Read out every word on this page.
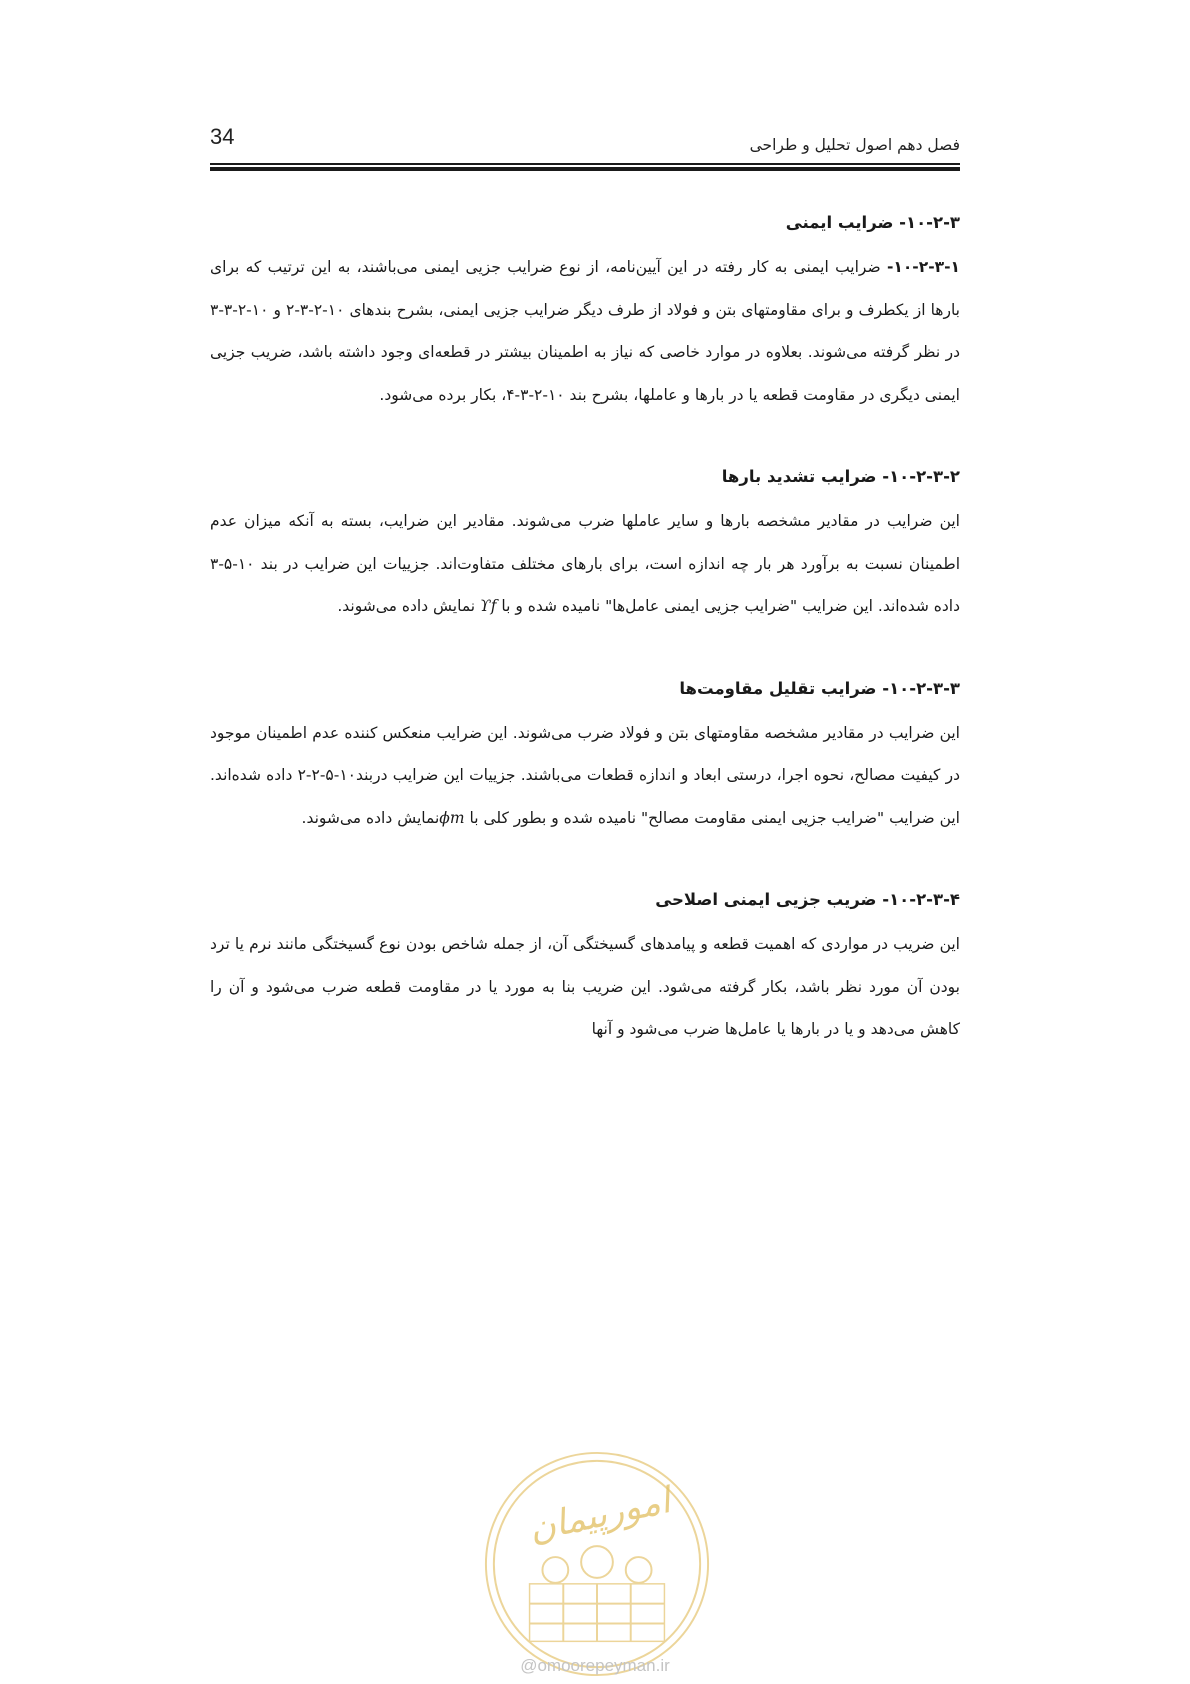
34	فصل دهم اصول تحلیل و طراحی
۱۰-۲-۳- ضرایب ایمنی

۱۰-۲-۳-۱- ضرایب ایمنی به کار رفته در این آیین‌نامه، از نوع ضرایب جزیی ایمنی می‌باشند، به این ترتیب که برای بارها از یکطرف و برای مقاومتهای بتن و فولاد از طرف دیگر ضرایب جزیی ایمنی، بشرح بندهای ۱۰-۲-۳-۲ و ۱۰-۲-۳-۳ در نظر گرفته می‌شوند. بعلاوه در موارد خاصی که نیاز به اطمینان بیشتر در قطعه‌ای وجود داشته باشد، ضریب جزیی ایمنی دیگری در مقاومت قطعه یا در بارها و عاملها، بشرح بند ۱۰-۲-۳-۴، بکار برده می‌شود.

۱۰-۲-۳-۲- ضرایب تشدید بارها

این ضرایب در مقادیر مشخصه بارها و سایر عاملها ضرب می‌شوند. مقادیر این ضرایب، بسته به آنکه میزان عدم اطمینان نسبت به برآورد هر بار چه اندازه است، برای بارهای مختلف متفاوت‌اند. جزییات این ضرایب در بند ۱۰-۵-۳ داده شده‌اند. این ضرایب "ضرایب جزیی ایمنی عامل‌ها" نامیده شده و با ϒf نمایش داده می‌شوند.

۱۰-۲-۳-۳- ضرایب تقلیل مقاومت‌ها

این ضرایب در مقادیر مشخصه مقاومتهای بتن و فولاد ضرب می‌شوند. این ضرایب منعکس کننده عدم اطمینان موجود در کیفیت مصالح، نحوه اجرا، درستی ابعاد و اندازه قطعات می‌باشند. جزییات این ضرایب دربند۱۰-۵-۲-۲ داده شده‌اند. این ضرایب "ضرایب جزیی ایمنی مقاومت مصالح" نامیده شده و بطور کلی با ϕmنمایش داده می‌شوند.

۱۰-۲-۳-۴- ضریب جزیی ایمنی اصلاحی

این ضریب در مواردی که اهمیت قطعه و پیامدهای گسیختگی آن، از جمله شاخص بودن نوع گسیختگی مانند نرم یا ترد بودن آن مورد نظر باشد، بکار گرفته می‌شود. این ضریب بنا به مورد یا در مقاومت قطعه ضرب می‌شود و آن را کاهش می‌دهد و یا در بارها یا عامل‌ها ضرب می‌شود و آنها

امورپیمان
@omoorepeyman.ir
